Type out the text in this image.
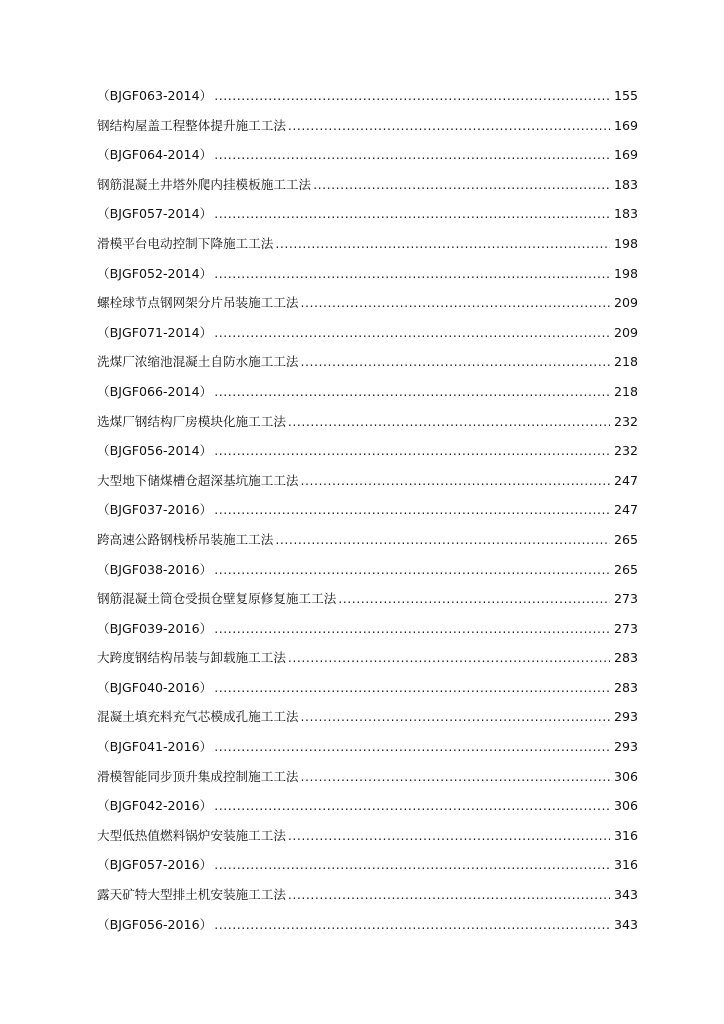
（BJGF063-2014） .....	155
钢结构屋盖工程整体提升施工工法 .....	169
（BJGF064-2014） .....	169
钢筋混凝土井塔外爬内挂模板施工工法 .....	183
（BJGF057-2014） .....	183
滑模平台电动控制下降施工工法 .....	198
（BJGF052-2014） .....	198
螺栓球节点钢网架分片吊装施工工法 .....	209
（BJGF071-2014） .....	209
洗煤厂浓缩池混凝土自防水施工工法 .....	218
（BJGF066-2014） .....	218
选煤厂钢结构厂房模块化施工工法 .....	232
（BJGF056-2014） .....	232
大型地下储煤槽仓超深基坑施工工法 .....	247
（BJGF037-2016） .....	247
跨高速公路钢栈桥吊装施工工法 .....	265
（BJGF038-2016） .....	265
钢筋混凝土筒仓受损仓壁复原修复施工工法 .....	273
（BJGF039-2016） .....	273
大跨度钢结构吊装与卸载施工工法 .....	283
（BJGF040-2016） .....	283
混凝土填充料充气芯模成孔施工工法 .....	293
（BJGF041-2016） .....	293
滑模智能同步顶升集成控制施工工法 .....	306
（BJGF042-2016） .....	306
大型低热值燃料锅炉安装施工工法 .....	316
（BJGF057-2016） .....	316
露天矿特大型排土机安装施工工法 .....	343
（BJGF056-2016） .....	343
